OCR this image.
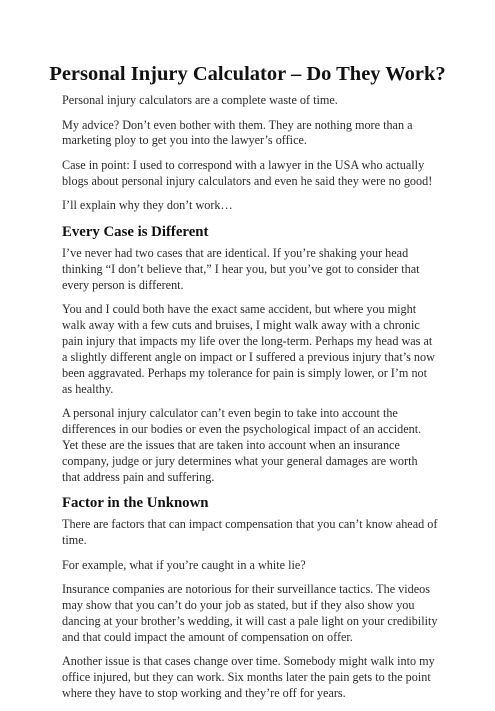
Personal Injury Calculator – Do They Work?

Personal injury calculators are a complete waste of time.

My advice? Don’t even bother with them. They are nothing more than a marketing ploy to get you into the lawyer’s office.

Case in point: I used to correspond with a lawyer in the USA who actually blogs about personal injury calculators and even he said they were no good!

I’ll explain why they don’t work…

Every Case is Different

I’ve never had two cases that are identical. If you’re shaking your head thinking “I don’t believe that,” I hear you, but you’ve got to consider that every person is different.

You and I could both have the exact same accident, but where you might walk away with a few cuts and bruises, I might walk away with a chronic pain injury that impacts my life over the long-term. Perhaps my head was at a slightly different angle on impact or I suffered a previous injury that’s now been aggravated. Perhaps my tolerance for pain is simply lower, or I’m not as healthy.

A personal injury calculator can’t even begin to take into account the differences in our bodies or even the psychological impact of an accident. Yet these are the issues that are taken into account when an insurance company, judge or jury determines what your general damages are worth that address pain and suffering.

Factor in the Unknown

There are factors that can impact compensation that you can’t know ahead of time.

For example, what if you’re caught in a white lie?

Insurance companies are notorious for their surveillance tactics. The videos may show that you can’t do your job as stated, but if they also show you dancing at your brother’s wedding, it will cast a pale light on your credibility and that could impact the amount of compensation on offer.

Another issue is that cases change over time. Somebody might walk into my office injured, but they can work. Six months later the pain gets to the point where they have to stop working and they’re off for years.
